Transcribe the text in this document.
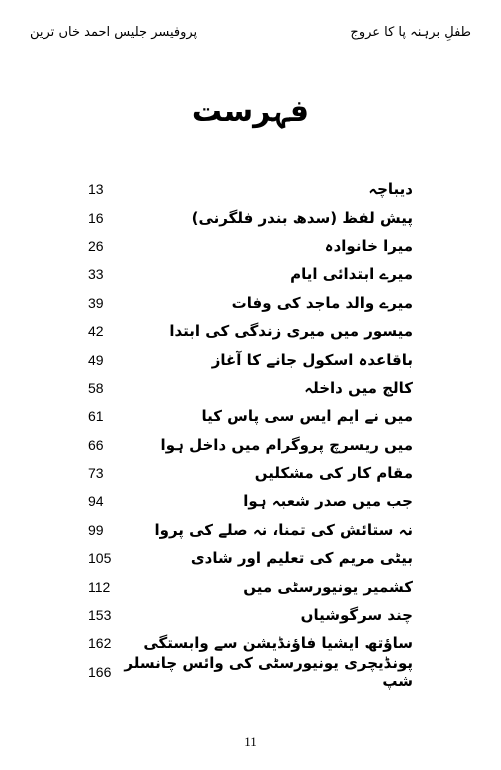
طفلِ برہنہ پا کا عروج
پروفیسر جلیس احمد خاں ترین
فہرست
دیباچہ
13
پیش لفظ (سدھ بندر فلگرنی)
16
میرا خانوادہ
26
میرے ابتدائی ایام
33
میرے والد ماجد کی وفات
39
میسور میں میری زندگی کی ابتدا
42
باقاعدہ اسکول جانے کا آغاز
49
کالج میں داخلہ
58
میں نے ایم ایس سی پاس کیا
61
میں ریسرچ پروگرام میں داخل ہوا
66
مقام کار کی مشکلیں
73
جب میں صدر شعبہ ہوا
94
نہ ستائش کی تمنا، نہ صلے کی پروا
99
بیٹی مریم کی تعلیم اور شادی
105
کشمیر یونیورسٹی میں
112
چند سرگوشیاں
153
ساؤتھ ایشیا فاؤنڈیشن سے وابستگی
162
پونڈیچری یونیورسٹی کی وائس چانسلر شپ
166
11
